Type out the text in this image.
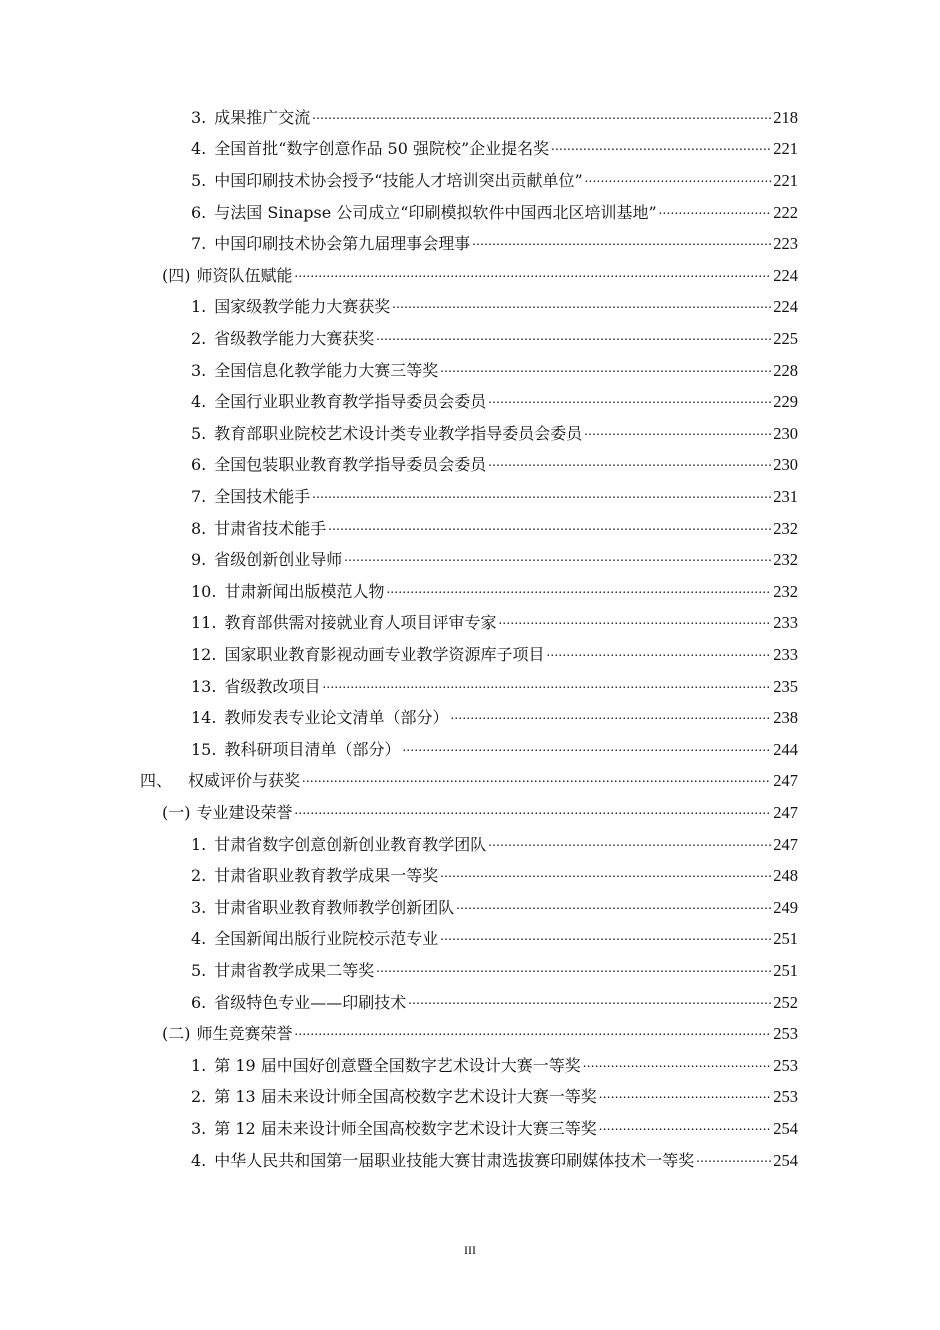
3. 成果推广交流 .....	218
4. 全国首批“数字创意作品 50 强院校”企业提名奖 .....	221
5. 中国印刷技术协会授予“技能人才培训突出贡献单位” .....	221
6. 与法国 Sinapse 公司成立“印刷模拟软件中国西北区培训基地” .....	222
7. 中国印刷技术协会第九届理事会理事 .....	223
(四) 师资队伍赋能 .....	224
1. 国家级教学能力大赛获奖 .....	224
2. 省级教学能力大赛获奖 .....	225
3. 全国信息化教学能力大赛三等奖 .....	228
4. 全国行业职业教育教学指导委员会委员 .....	229
5. 教育部职业院校艺术设计类专业教学指导委员会委员 .....	230
6. 全国包装职业教育教学指导委员会委员 .....	230
7. 全国技术能手 .....	231
8. 甘肃省技术能手 .....	232
9. 省级创新创业导师 .....	232
10. 甘肃新闻出版模范人物 .....	232
11. 教育部供需对接就业育人项目评审专家 .....	233
12. 国家职业教育影视动画专业教学资源库子项目 .....	233
13. 省级教改项目 .....	235
14. 教师发表专业论文清单（部分） .....	238
15. 教科研项目清单（部分） .....	244
四、 权威评价与获奖 .....	247
(一) 专业建设荣誉 .....	247
1. 甘肃省数字创意创新创业教育教学团队 .....	247
2. 甘肃省职业教育教学成果一等奖 .....	248
3. 甘肃省职业教育教师教学创新团队 .....	249
4. 全国新闻出版行业院校示范专业 .....	251
5. 甘肃省教学成果二等奖 .....	251
6. 省级特色专业——印刷技术 .....	252
(二) 师生竞赛荣誉 .....	253
1. 第 19 届中国好创意暨全国数字艺术设计大赛一等奖 .....	253
2. 第 13 届未来设计师全国高校数字艺术设计大赛一等奖 .....	253
3. 第 12 届未来设计师全国高校数字艺术设计大赛三等奖 .....	254
4. 中华人民共和国第一届职业技能大赛甘肃选拔赛印刷媒体技术一等奖 .....	254
III
